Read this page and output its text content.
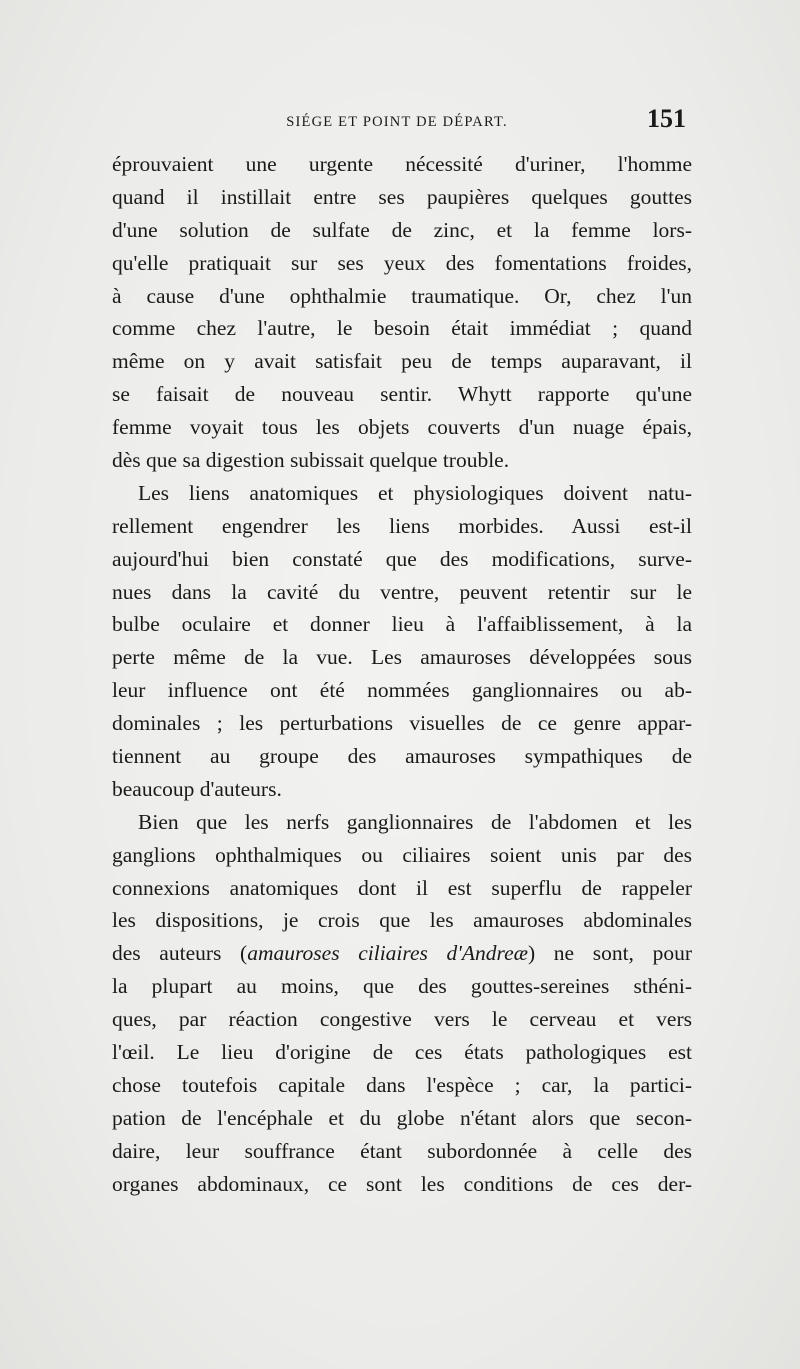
SIÉGE ET POINT DE DÉPART.	151
éprouvaient une urgente nécessité d'uriner, l'homme
quand il instillait entre ses paupières quelques gouttes
d'une solution de sulfate de zinc, et la femme lors-
qu'elle pratiquait sur ses yeux des fomentations froides,
à cause d'une ophthalmie traumatique. Or, chez l'un
comme chez l'autre, le besoin était immédiat ; quand
même on y avait satisfait peu de temps auparavant, il
se faisait de nouveau sentir. Whytt rapporte qu'une
femme voyait tous les objets couverts d'un nuage épais,
dès que sa digestion subissait quelque trouble.
Les liens anatomiques et physiologiques doivent natu-
rellement engendrer les liens morbides. Aussi est-il
aujourd'hui bien constaté que des modifications, surve-
nues dans la cavité du ventre, peuvent retentir sur le
bulbe oculaire et donner lieu à l'affaiblissement, à la
perte même de la vue. Les amauroses développées sous
leur influence ont été nommées ganglionnaires ou ab-
dominales ; les perturbations visuelles de ce genre appar-
tiennent au groupe des amauroses sympathiques de
beaucoup d'auteurs.
Bien que les nerfs ganglionnaires de l'abdomen et les
ganglions ophthalmiques ou ciliaires soient unis par des
connexions anatomiques dont il est superflu de rappeler
les dispositions, je crois que les amauroses abdominales
des auteurs (amauroses ciliaires d'Andreæ) ne sont, pour
la plupart au moins, que des gouttes-sereines sthéni-
ques, par réaction congestive vers le cerveau et vers
l'œil. Le lieu d'origine de ces états pathologiques est
chose toutefois capitale dans l'espèce ; car, la partici-
pation de l'encéphale et du globe n'étant alors que secon-
daire, leur souffrance étant subordonnée à celle des
organes abdominaux, ce sont les conditions de ces der-
